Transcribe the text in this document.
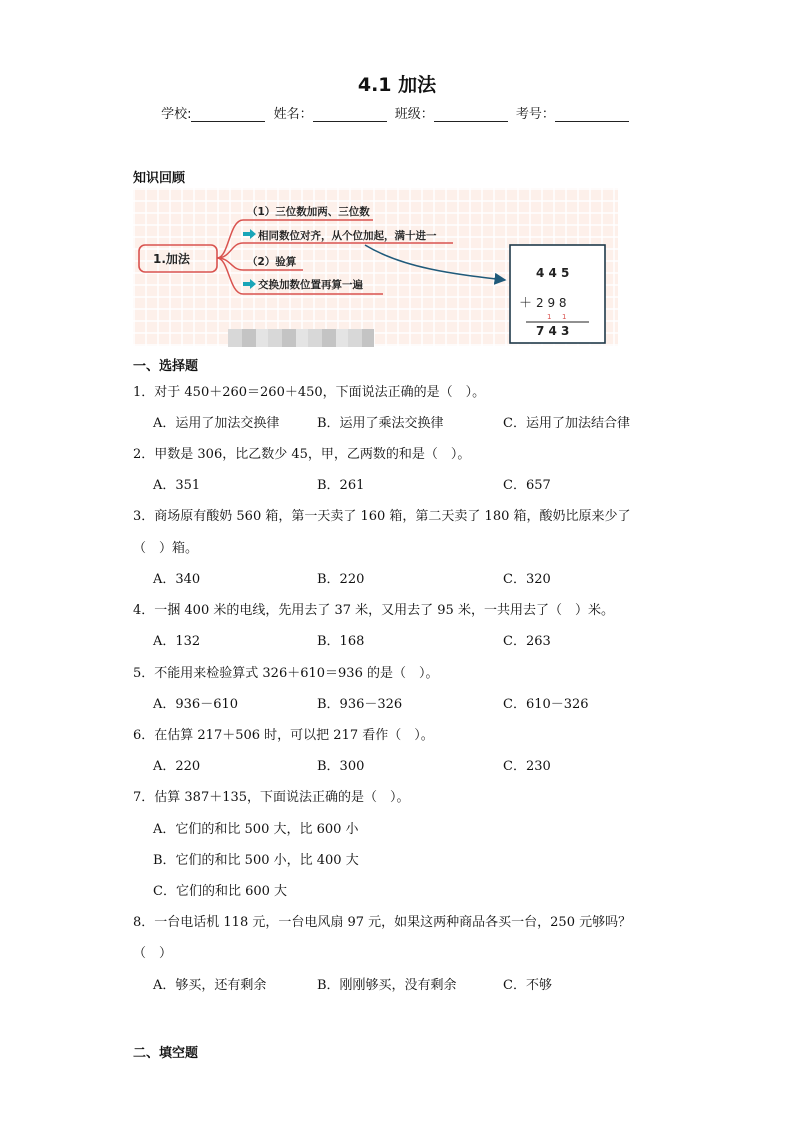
4.1 加法
学校:	姓名：	班级：	考号：
知识回顾
1.加法
（1）三位数加两、三位数
相同数位对齐，从个位加起，满十进一
（2）验算
交换加数位置再算一遍
4 4 5
＋ 2 9 8
1 1
7 4 3
一、选择题
1．对于 450＋260＝260＋450，下面说法正确的是（　）。
A．运用了加法交换律	B．运用了乘法交换律	C．运用了加法结合律
2．甲数是 306，比乙数少 45，甲，乙两数的和是（　）。
A．351	B．261	C．657
3．商场原有酸奶 560 箱，第一天卖了 160 箱，第二天卖了 180 箱，酸奶比原来少了
（　）箱。
A．340	B．220	C．320
4．一捆 400 米的电线，先用去了 37 米，又用去了 95 米，一共用去了（　）米。
A．132	B．168	C．263
5．不能用来检验算式 326＋610＝936 的是（　）。
A．936－610	B．936－326	C．610－326
6．在估算 217＋506 时，可以把 217 看作（　）。
A．220	B．300	C．230
7．估算 387＋135，下面说法正确的是（　）。
A．它们的和比 500 大，比 600 小
B．它们的和比 500 小，比 400 大
C．它们的和比 600 大
8．一台电话机 118 元，一台电风扇 97 元，如果这两种商品各买一台，250 元够吗？
（　）
A．够买，还有剩余	B．刚刚够买，没有剩余	C．不够
二、填空题
